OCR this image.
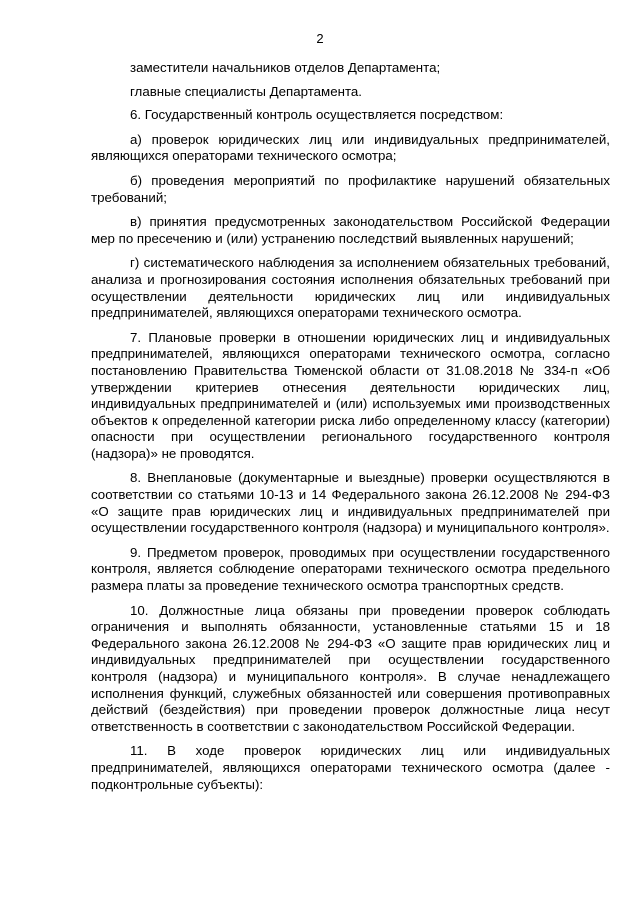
2

заместители начальников отделов Департамента;

главные специалисты Департамента.

6. Государственный контроль осуществляется посредством:

а) проверок юридических лиц или индивидуальных предпринимателей, являющихся операторами технического осмотра;

б) проведения мероприятий по профилактике нарушений обязательных требований;

в) принятия предусмотренных законодательством Российской Федерации мер по пресечению и (или) устранению последствий выявленных нарушений;

г) систематического наблюдения за исполнением обязательных требований, анализа и прогнозирования состояния исполнения обязательных требований при осуществлении деятельности юридических лиц или индивидуальных предпринимателей, являющихся операторами технического осмотра.

7. Плановые проверки в отношении юридических лиц и индивидуальных предпринимателей, являющихся операторами технического осмотра, согласно постановлению Правительства Тюменской области от 31.08.2018 № 334-п «Об утверждении критериев отнесения деятельности юридических лиц, индивидуальных предпринимателей и (или) используемых ими производственных объектов к определенной категории риска либо определенному классу (категории) опасности при осуществлении регионального государственного контроля (надзора)» не проводятся.

8. Внеплановые (документарные и выездные) проверки осуществляются в соответствии со статьями 10-13 и 14 Федерального закона 26.12.2008 № 294-ФЗ «О защите прав юридических лиц и индивидуальных предпринимателей при осуществлении государственного контроля (надзора) и муниципального контроля».

9. Предметом проверок, проводимых при осуществлении государственного контроля, является соблюдение операторами технического осмотра предельного размера платы за проведение технического осмотра транспортных средств.

10. Должностные лица обязаны при проведении проверок соблюдать ограничения и выполнять обязанности, установленные статьями 15 и 18 Федерального закона 26.12.2008 № 294-ФЗ «О защите прав юридических лиц и индивидуальных предпринимателей при осуществлении государственного контроля (надзора) и муниципального контроля». В случае ненадлежащего исполнения функций, служебных обязанностей или совершения противоправных действий (бездействия) при проведении проверок должностные лица несут ответственность в соответствии с законодательством Российской Федерации.

11. В ходе проверок юридических лиц или индивидуальных предпринимателей, являющихся операторами технического осмотра (далее - подконтрольные субъекты):
